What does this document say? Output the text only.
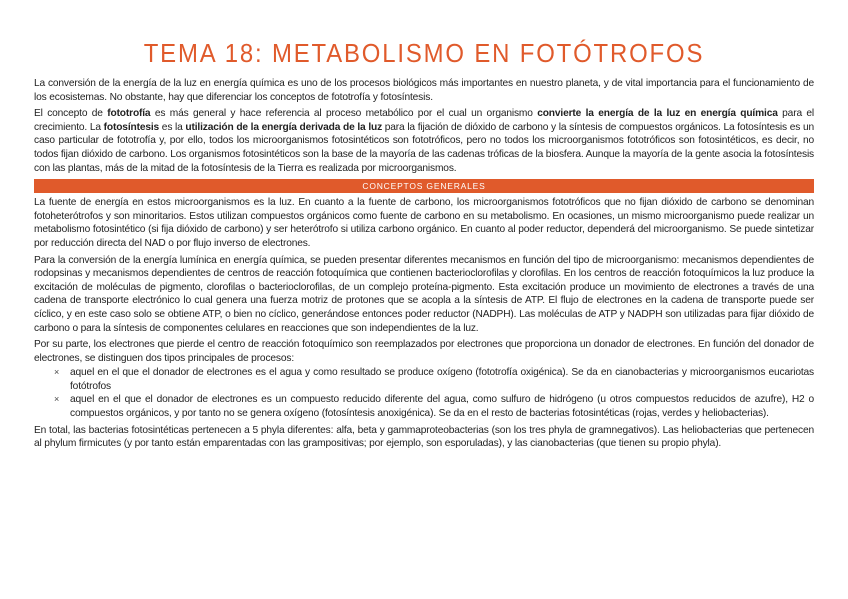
TEMA 18: METABOLISMO EN FOTÓTROFOS

La conversión de la energía de la luz en energía química es uno de los procesos biológicos más importantes en nuestro planeta, y de vital importancia para el funcionamiento de los ecosistemas. No obstante, hay que diferenciar los conceptos de fototrofía y fotosíntesis.

El concepto de fototrofía es más general y hace referencia al proceso metabólico por el cual un organismo convierte la energía de la luz en energía química para el crecimiento. La fotosíntesis es la utilización de la energía derivada de la luz para la fijación de dióxido de carbono y la síntesis de compuestos orgánicos. La fotosíntesis es un caso particular de fototrofía y, por ello, todos los microorganismos fotosintéticos son fototróficos, pero no todos los microorganismos fototróficos son fotosintéticos, es decir, no todos fijan dióxido de carbono. Los organismos fotosintéticos son la base de la mayoría de las cadenas tróficas de la biosfera. Aunque la mayoría de la gente asocia la fotosíntesis con las plantas, más de la mitad de la fotosíntesis de la Tierra es realizada por microorganismos.

CONCEPTOS GENERALES

La fuente de energía en estos microorganismos es la luz. En cuanto a la fuente de carbono, los microorganismos fototróficos que no fijan dióxido de carbono se denominan fotoheterótrofos y son minoritarios. Estos utilizan compuestos orgánicos como fuente de carbono en su metabolismo. En ocasiones, un mismo microorganismo puede realizar un metabolismo fotosintético (si fija dióxido de carbono) y ser heterótrofo si utiliza carbono orgánico. En cuanto al poder reductor, dependerá del microorganismo. Se puede sintetizar por reducción directa del NAD o por flujo inverso de electrones.

Para la conversión de la energía lumínica en energía química, se pueden presentar diferentes mecanismos en función del tipo de microorganismo: mecanismos dependientes de rodopsinas y mecanismos dependientes de centros de reacción fotoquímica que contienen bacterioclorofilas y clorofilas. En los centros de reacción fotoquímicos la luz produce la excitación de moléculas de pigmento, clorofilas o bacterioclorofilas, de un complejo proteína-pigmento. Esta excitación produce un movimiento de electrones a través de una cadena de transporte electrónico lo cual genera una fuerza motriz de protones que se acopla a la síntesis de ATP. El flujo de electrones en la cadena de transporte puede ser cíclico, y en este caso solo se obtiene ATP, o bien no cíclico, generándose entonces poder reductor (NADPH). Las moléculas de ATP y NADPH son utilizadas para fijar dióxido de carbono o para la síntesis de componentes celulares en reacciones que son independientes de la luz.

Por su parte, los electrones que pierde el centro de reacción fotoquímico son reemplazados por electrones que proporciona un donador de electrones. En función del donador de electrones, se distinguen dos tipos principales de procesos:

× aquel en el que el donador de electrones es el agua y como resultado se produce oxígeno (fototrofía oxigénica). Se da en cianobacterias y microorganismos eucariotas fotótrofos
× aquel en el que el donador de electrones es un compuesto reducido diferente del agua, como sulfuro de hidrógeno (u otros compuestos reducidos de azufre), H2 o compuestos orgánicos, y por tanto no se genera oxígeno (fotosíntesis anoxigénica). Se da en el resto de bacterias fotosintéticas (rojas, verdes y heliobacterias).

En total, las bacterias fotosintéticas pertenecen a 5 phyla diferentes: alfa, beta y gammaproteobacterias (son los tres phyla de gramnegativos). Las heliobacterias que pertenecen al phylum firmicutes (y por tanto están emparentadas con las grampositivas; por ejemplo, son esporuladas), y las cianobacterias (que tienen su propio phyla).
